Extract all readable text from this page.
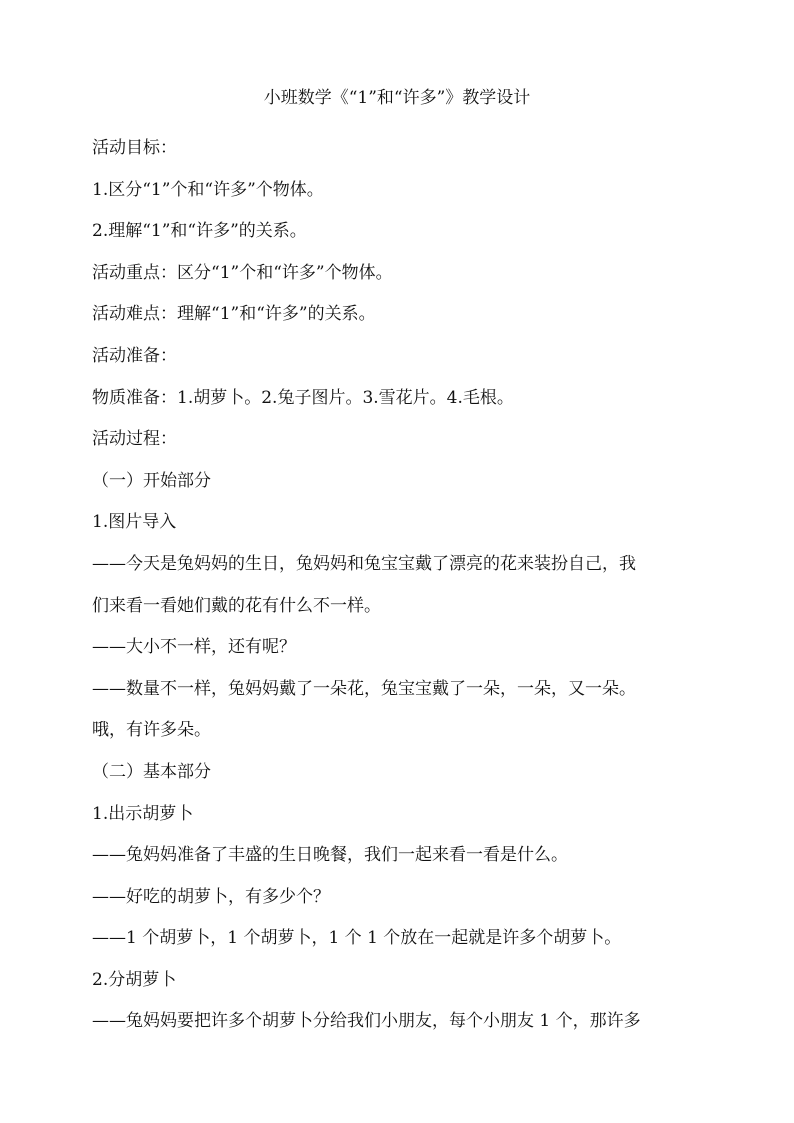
小班数学《“1”和“许多”》教学设计

活动目标：

1.区分“1”个和“许多”个物体。

2.理解“1”和“许多”的关系。

活动重点：区分“1”个和“许多”个物体。

活动难点：理解“1”和“许多”的关系。

活动准备：

物质准备：1.胡萝卜。2.兔子图片。3.雪花片。4.毛根。

活动过程：

（一）开始部分

1.图片导入

——今天是兔妈妈的生日，兔妈妈和兔宝宝戴了漂亮的花来装扮自己，我

们来看一看她们戴的花有什么不一样。

——大小不一样，还有呢？

——数量不一样，兔妈妈戴了一朵花，兔宝宝戴了一朵，一朵，又一朵。

哦，有许多朵。

（二）基本部分

1.出示胡萝卜

——兔妈妈准备了丰盛的生日晚餐，我们一起来看一看是什么。

——好吃的胡萝卜，有多少个？

——1 个胡萝卜，1 个胡萝卜，1 个 1 个放在一起就是许多个胡萝卜。

2.分胡萝卜

——兔妈妈要把许多个胡萝卜分给我们小朋友，每个小朋友 1 个，那许多
